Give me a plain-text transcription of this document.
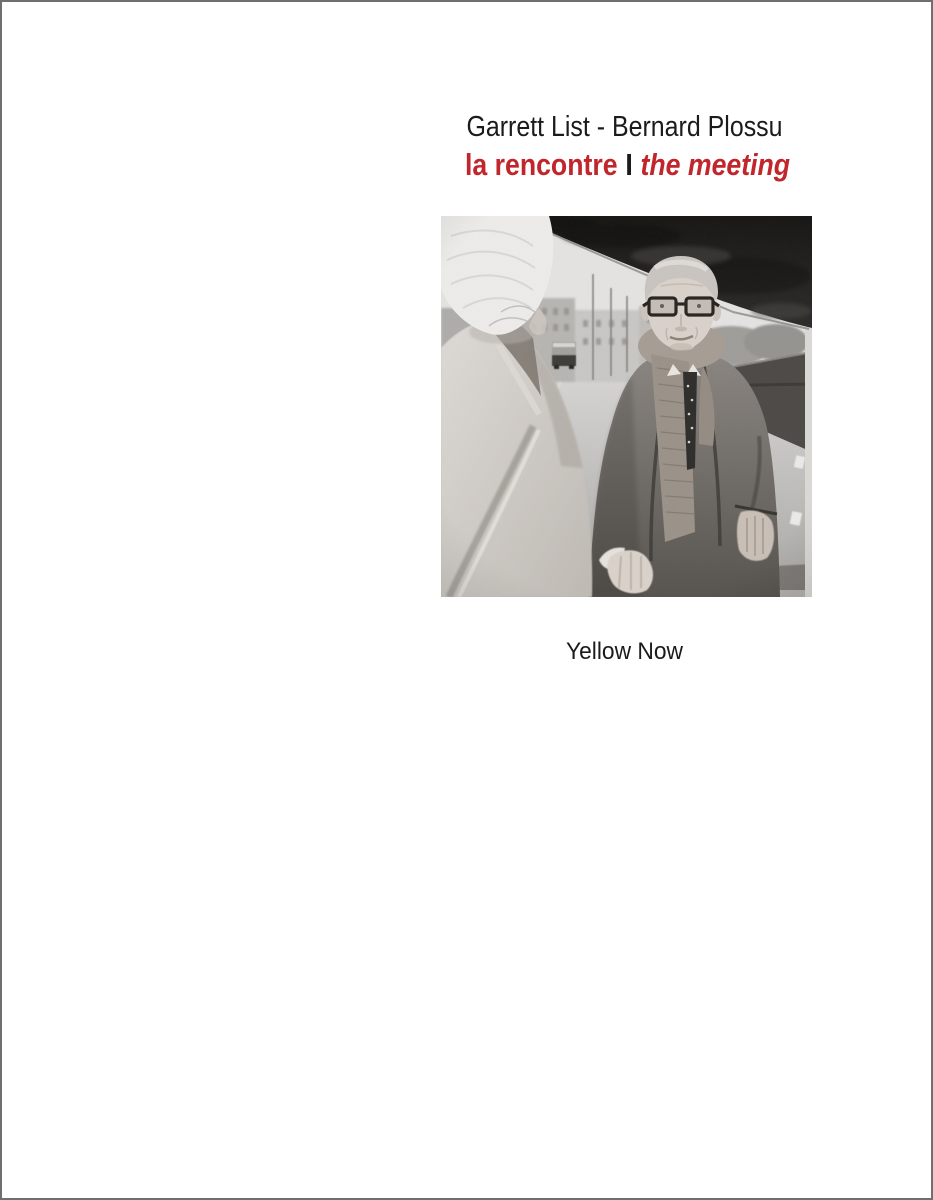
Garrett List - Bernard Plossu
la rencontre I the meeting
Yellow Now
